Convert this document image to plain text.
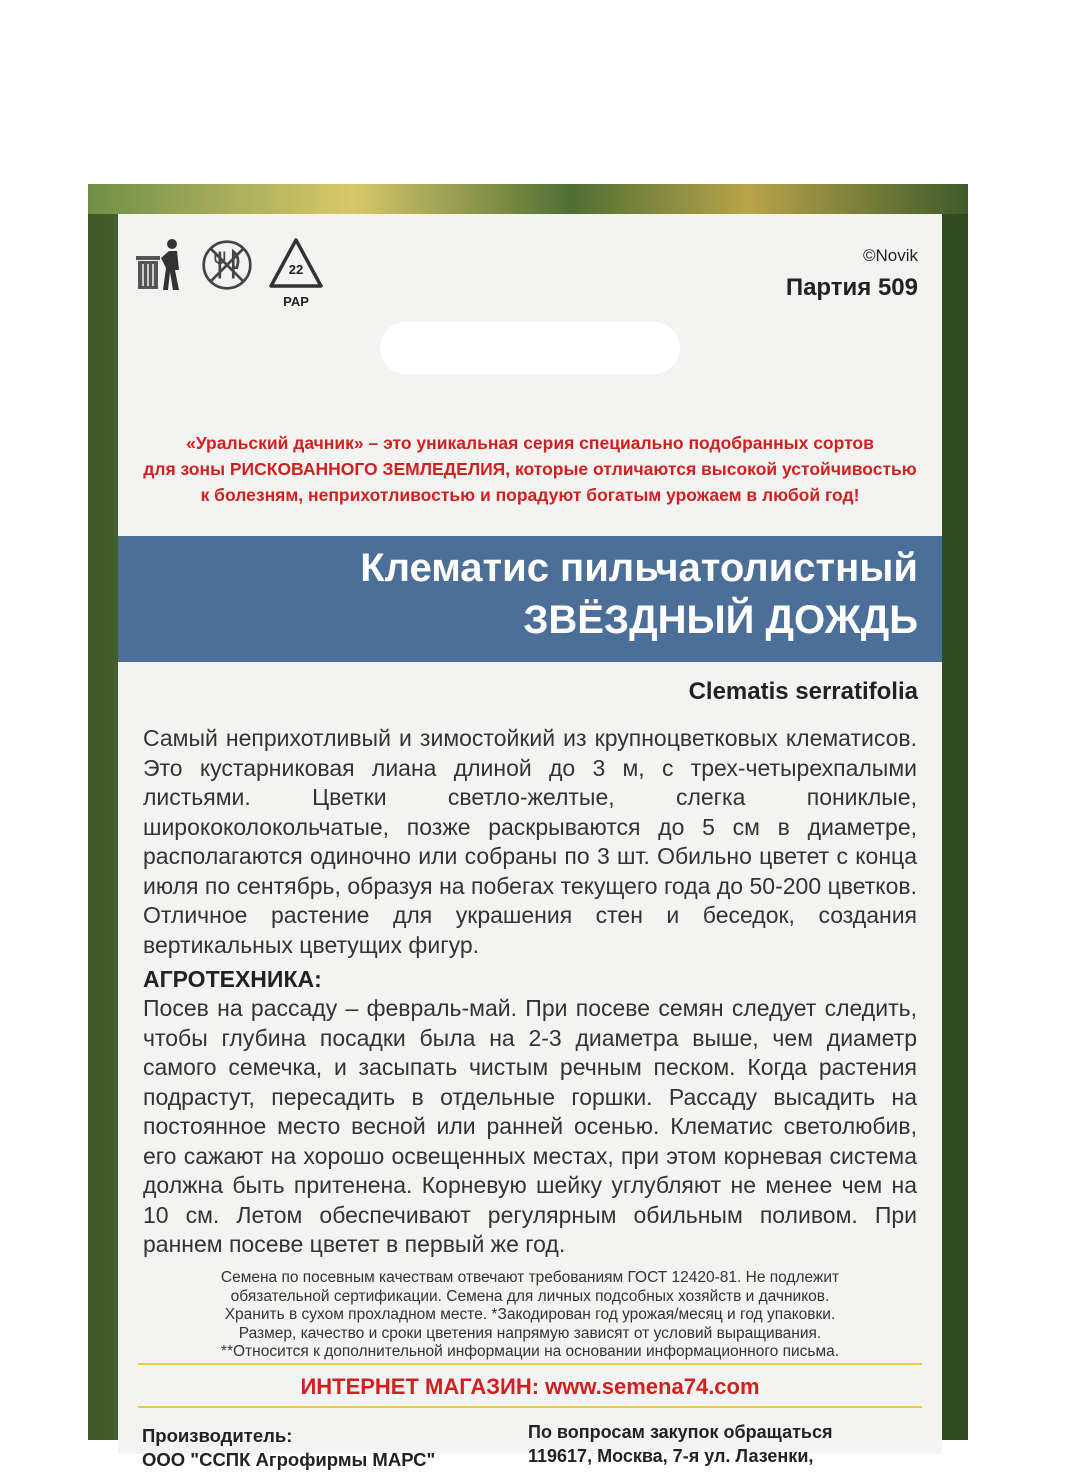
22
PAP
©Novik
Партия 509
«Уральский дачник» – это уникальная серия специально подобранных сортов
для зоны РИСКОВАННОГО ЗЕМЛЕДЕЛИЯ, которые отличаются высокой устойчивостью
к болезням, неприхотливостью и порадуют богатым урожаем в любой год!
Клематис пильчатолистный
ЗВЁЗДНЫЙ ДОЖДЬ
Clematis serratifolia

Самый неприхотливый и зимостойкий из крупноцветковых клематисов. Это кустарниковая лиана длиной до 3 м, с трех-четырехпалыми листьями. Цветки светло-желтые, слегка пониклые, ширококолокольчатые, позже раскрываются до 5 см в диаметре, располагаются одиночно или собраны по 3 шт. Обильно цветет с конца июля по сентябрь, образуя на побегах текущего года до 50-200 цветков. Отличное растение для украшения стен и беседок, создания вертикальных цветущих фигур.

АГРОТЕХНИКА:

Посев на рассаду – февраль-май. При посеве семян следует следить, чтобы глубина посадки была на 2-3 диаметра выше, чем диаметр самого семечка, и засыпать чистым речным песком. Когда растения подрастут, пересадить в отдельные горшки. Рассаду высадить на постоянное место весной или ранней осенью. Клематис светолюбив, его сажают на хорошо освещенных местах, при этом корневая система должна быть притенена. Корневую шейку углубляют не менее чем на 10 см. Летом обеспечивают регулярным обильным поливом. При раннем посеве цветет в первый же год.

Семена по посевным качествам отвечают требованиям ГОСТ 12420-81. Не подлежит
обязательной сертификации. Семена для личных подсобных хозяйств и дачников.
Хранить в сухом прохладном месте. *Закодирован год урожая/месяц и год упаковки.
Размер, качество и сроки цветения напрямую зависят от условий выращивания.
**Относится к дополнительной информации на основании информационного письма.
ИНТЕРНЕТ МАГАЗИН: www.semena74.com
Производитель:
ООО "ССПК Агрофирмы МАРС"
По вопросам закупок обращаться
119617, Москва, 7-я ул. Лазенки,
